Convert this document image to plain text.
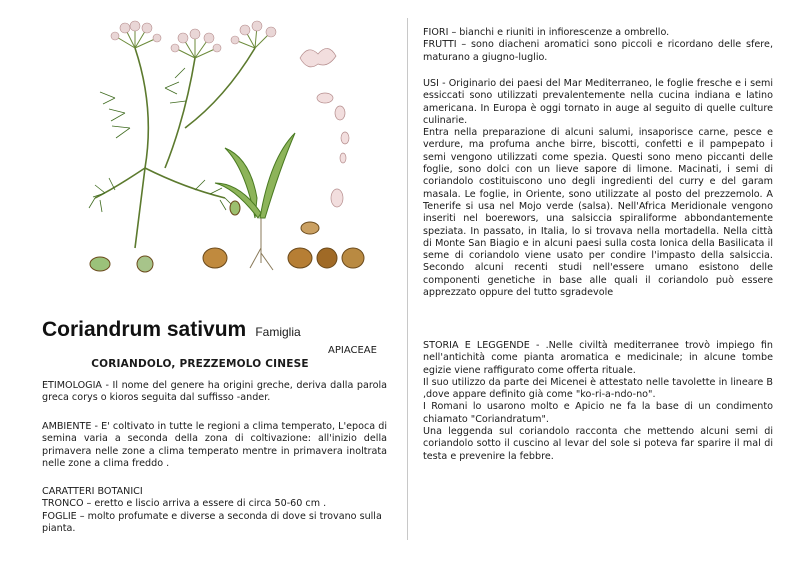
Coriandrum sativum Famiglia
APIACEAE
CORIANDOLO, PREZZEMOLO CINESE

ETIMOLOGIA - Il nome del genere ha origini greche, deriva dalla parola greca corys o kioros seguita dal suffisso -ander.

AMBIENTE - E' coltivato in tutte le regioni a clima temperato, L'epoca di semina varia a seconda della zona di coltivazione: all'inizio della primavera nelle zone a clima temperato mentre in primavera inoltrata nelle zone a clima freddo .

CARATTERI BOTANICI

TRONCO – eretto e liscio arriva a essere di circa 50-60 cm .

FOGLIE – molto profumate e diverse a seconda di dove si trovano sulla pianta.

FIORI – bianchi e riuniti in infiorescenze a ombrello.

FRUTTI – sono diacheni aromatici sono piccoli e ricordano delle sfere, maturano a giugno-luglio.

USI - Originario dei paesi del Mar Mediterraneo, le foglie fresche e i semi essiccati sono utilizzati prevalentemente nella cucina indiana e latino americana. In Europa è oggi tornato in auge al seguito di quelle culture culinarie.

Entra nella preparazione di alcuni salumi, insaporisce carne, pesce e verdure, ma profuma anche birre, biscotti, confetti e il pampepato i semi vengono utilizzati come spezia. Questi sono meno piccanti delle foglie, sono dolci con un lieve sapore di limone. Macinati, i semi di coriandolo costituiscono uno degli ingredienti del curry e del garam masala. Le foglie, in Oriente, sono utilizzate al posto del prezzemolo. A Tenerife si usa nel Mojo verde (salsa). Nell'Africa Meridionale vengono inseriti nel boerewors, una salsiccia spiraliforme abbondantemente speziata. In passato, in Italia, lo si trovava nella mortadella. Nella città di Monte San Biagio e in alcuni paesi sulla costa Ionica della Basilicata il seme di coriandolo viene usato per condire l'impasto della salsiccia. Secondo alcuni recenti studi nell'essere umano esistono delle componenti genetiche in base alle quali il coriandolo può essere apprezzato oppure del tutto sgradevole

STORIA E LEGGENDE - .Nelle civiltà mediterranee trovò impiego fin nell'antichità come pianta aromatica e medicinale; in alcune tombe egizie viene raffigurato come offerta rituale.

Il suo utilizzo da parte dei Micenei è attestato nelle tavolette in lineare B ,dove appare definito già come "ko-ri-a-ndo-no".

I Romani lo usarono molto e Apicio ne fa la base di un condimento chiamato "Coriandratum".

Una leggenda sul coriandolo racconta che mettendo alcuni semi di coriandolo sotto il cuscino al levar del sole si poteva far sparire il mal di testa e prevenire la febbre.
